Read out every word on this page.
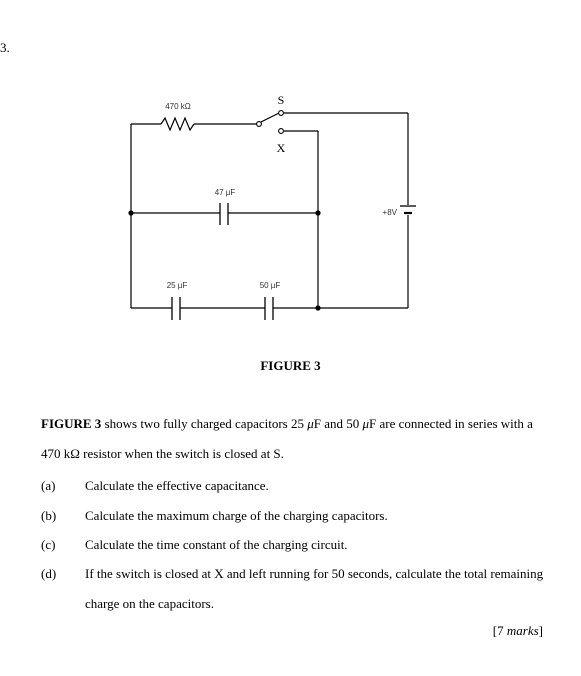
3.
470 kΩ	S
X
47 µF
+8V
25 µF	50 µF
FIGURE 3
FIGURE 3 shows two fully charged capacitors 25 μF and 50 μF are connected in series with a 470 kΩ resistor when the switch is closed at S.
(a) Calculate the effective capacitance.
(b) Calculate the maximum charge of the charging capacitors.
(c) Calculate the time constant of the charging circuit.
(d) If the switch is closed at X and left running for 50 seconds, calculate the total remaining charge on the capacitors.
[7 marks]
